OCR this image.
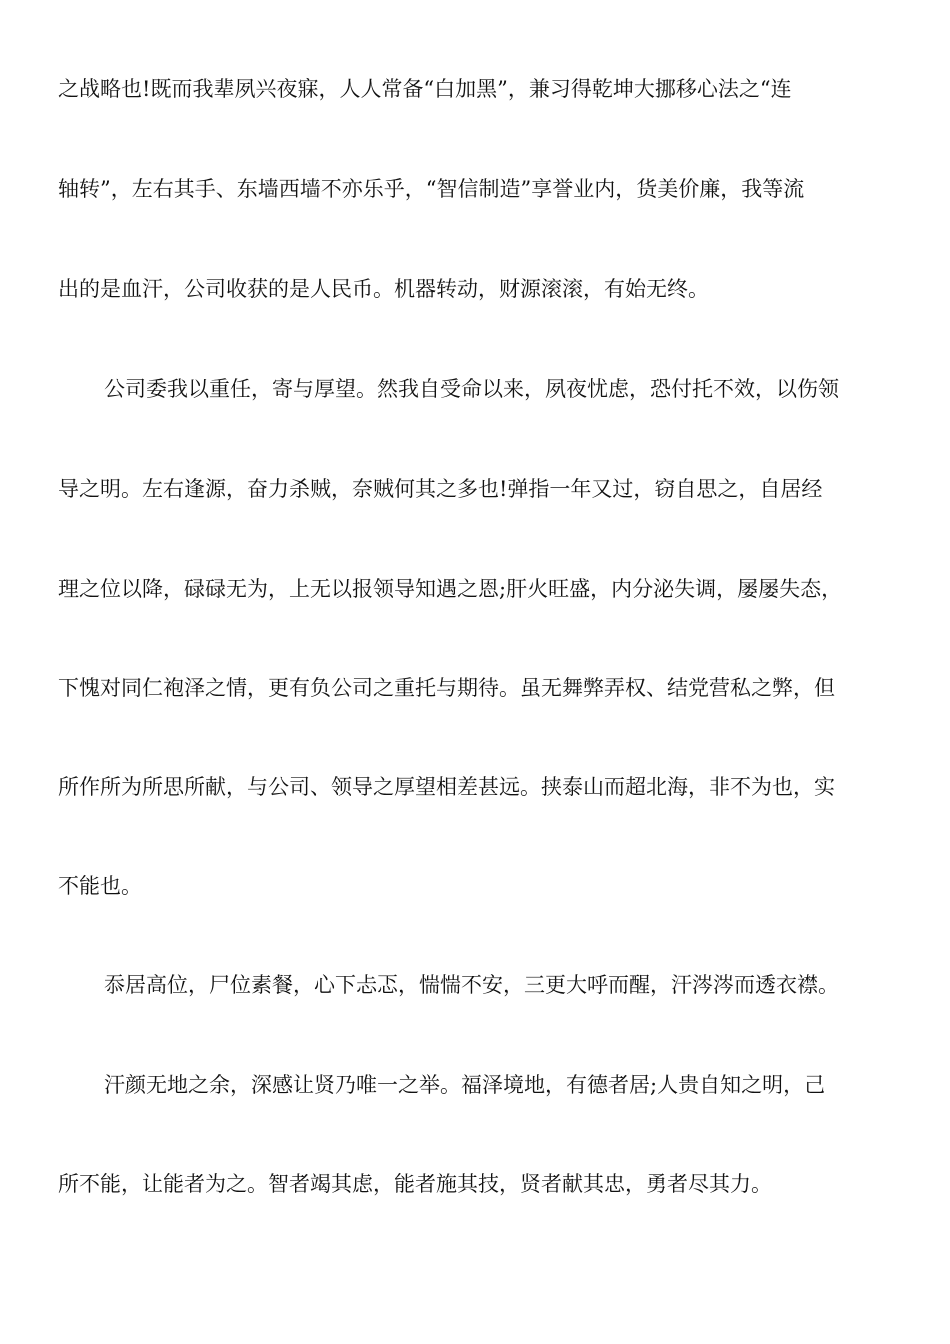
之战略也!既而我辈夙兴夜寐，人人常备“白加黑”，兼习得乾坤大挪移心法之“连
轴转”，左右其手、东墙西墙不亦乐乎，“智信制造”享誉业内，货美价廉，我等流
出的是血汗，公司收获的是人民币。机器转动，财源滚滚，有始无终。
公司委我以重任，寄与厚望。然我自受命以来，夙夜忧虑，恐付托不效，以伤领
导之明。左右逢源，奋力杀贼，奈贼何其之多也!弹指一年又过，窃自思之，自居经
理之位以降，碌碌无为，上无以报领导知遇之恩;肝火旺盛，内分泌失调，屡屡失态，
下愧对同仁袍泽之情，更有负公司之重托与期待。虽无舞弊弄权、结党营私之弊，但
所作所为所思所献，与公司、领导之厚望相差甚远。挟泰山而超北海，非不为也，实
不能也。
忝居高位，尸位素餐，心下忐忑，惴惴不安，三更大呼而醒，汗涔涔而透衣襟。
汗颜无地之余，深感让贤乃唯一之举。福泽境地，有德者居;人贵自知之明，己
所不能，让能者为之。智者竭其虑，能者施其技，贤者献其忠，勇者尽其力。
